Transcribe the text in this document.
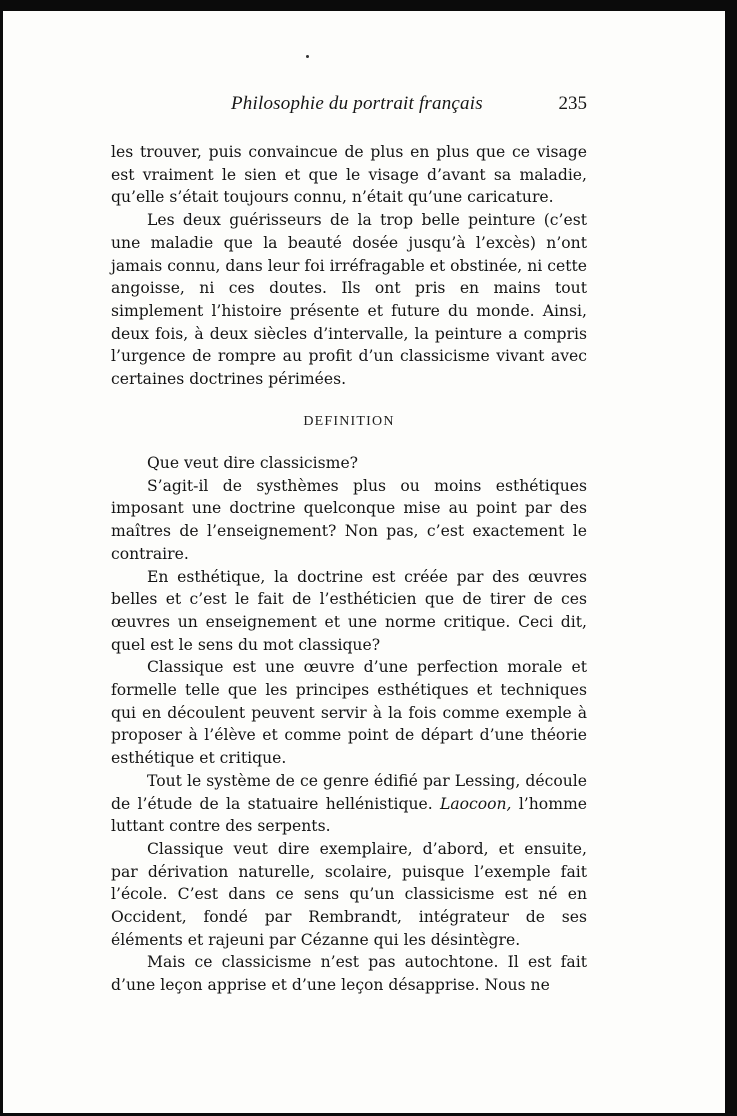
Philosophie du portrait français	235

les trouver, puis convaincue de plus en plus que ce visage est vraiment le sien et que le visage d’avant sa maladie, qu’elle s’était toujours connu, n’était qu’une caricature.

Les deux guérisseurs de la trop belle peinture (c’est une maladie que la beauté dosée jusqu’à l’excès) n’ont jamais connu, dans leur foi irréfragable et obstinée, ni cette angoisse, ni ces doutes. Ils ont pris en mains tout simplement l’histoire présente et future du monde. Ainsi, deux fois, à deux siècles d’intervalle, la peinture a compris l’urgence de rompre au profit d’un classicisme vivant avec certaines doctrines périmées.

DEFINITION

Que veut dire classicisme?

S’agit-il de systhèmes plus ou moins esthétiques imposant une doctrine quelconque mise au point par des maîtres de l’enseignement? Non pas, c’est exactement le contraire.

En esthétique, la doctrine est créée par des œuvres belles et c’est le fait de l’esthéticien que de tirer de ces œuvres un enseignement et une norme critique. Ceci dit, quel est le sens du mot classique?

Classique est une œuvre d’une perfection morale et formelle telle que les principes esthétiques et techniques qui en découlent peuvent servir à la fois comme exemple à proposer à l’élève et comme point de départ d’une théorie esthétique et critique.

Tout le système de ce genre édifié par Lessing, découle de l’étude de la statuaire hellénistique. Laocoon, l’homme luttant contre des serpents.

Classique veut dire exemplaire, d’abord, et ensuite, par dérivation naturelle, scolaire, puisque l’exemple fait l’école. C’est dans ce sens qu’un classicisme est né en Occident, fondé par Rembrandt, intégrateur de ses éléments et rajeuni par Cézanne qui les désintègre.

Mais ce classicisme n’est pas autochtone. Il est fait d’une leçon apprise et d’une leçon désapprise. Nous ne
